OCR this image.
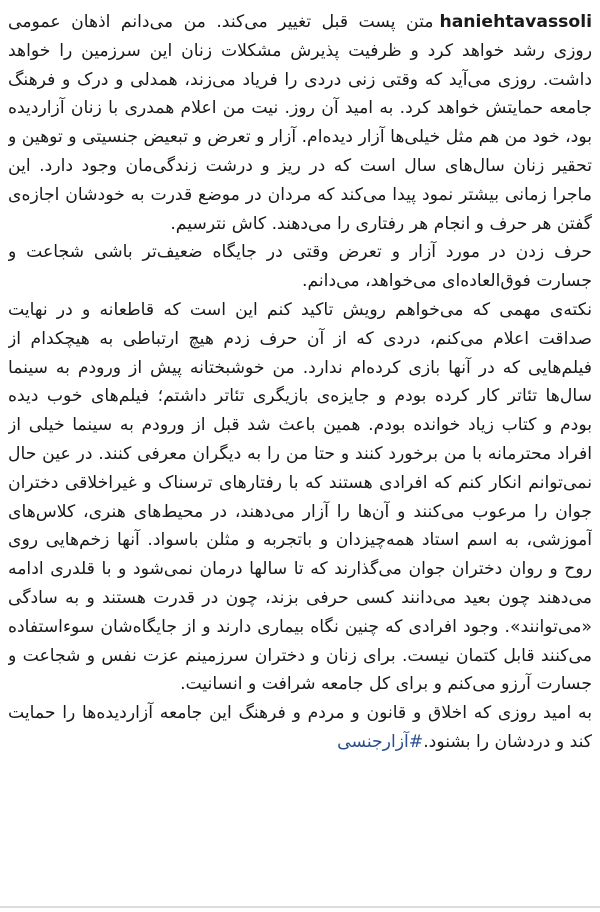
haniehtavassoliمتن پست قبل تغییر می‌کند. من می‌دانم اذهان عمومی روزی رشد خواهد کرد و ظرفیت پذیرش مشکلات زنان این سرزمین را خواهد داشت. روزی می‌آید که وقتی زنی دردی را فریاد می‌زند، همدلی و درک و فرهنگ جامعه حمایتش خواهد کرد. به امید آن روز. نیت من اعلام همدری با زنان آزاردیده بود، خود من هم مثل خیلی‌ها آزار دیده‌ام. آزار و تعرض و تبعیض جنسیتی و توهین و تحقیر زنان سال‌های سال است که در ریز و درشت زندگی‌مان وجود دارد. این ماجرا زمانی بیشتر نمود پیدا می‌کند که مردان در موضع قدرت به خودشان اجازه‌ی گفتن هر حرف و انجام هر رفتاری را می‌دهند. کاش نترسیم.

حرف زدن در مورد آزار و تعرض وقتی در جایگاه ضعیف‌تر باشی شجاعت و جسارت فوق‌العاده‌ای می‌خواهد، می‌دانم.

نکته‌ی مهمی که می‌خواهم رویش تاکید کنم این است که قاطعانه و در نهایت صداقت اعلام می‌کنم، دردی که از آن حرف زدم هیچ ارتباطی به هیچکدام از فیلم‌هایی که در آنها بازی کرده‌ام ندارد. من خوشبختانه پیش از ورودم به سینما سال‌ها تئاتر کار کرده بودم و جایزه‌ی بازیگری تئاتر داشتم؛ فیلم‌های خوب دیده بودم و کتاب زیاد خوانده بودم. همین باعث شد قبل از ورودم به سینما خیلی از افراد محترمانه با من برخورد کنند و حتا من را به دیگران معرفی کنند. در عین حال نمی‌توانم انکار کنم که افرادی هستند که با رفتارهای ترسناک و غیراخلاقی دختران جوان را مرعوب می‌کنند و آن‌ها را آزار می‌دهند، در محیط‌های هنری، کلاس‌های آموزشی، به اسم استاد همه‌چیزدان و باتجربه و مثلن باسواد. آنها زخم‌هایی روی روح و روان دختران جوان می‌گذارند که تا سالها درمان نمی‌شود و با قلدری ادامه می‌دهند چون بعید می‌دانند کسی حرفی بزند، چون در قدرت هستند و به سادگی «می‌توانند». وجود افرادی که چنین نگاه بیماری دارند و از جایگاه‌شان سوءاستفاده می‌کنند قابل کتمان نیست. برای زنان و دختران سرزمینم عزت نفس و شجاعت و جسارت آرزو می‌کنم و برای کل جامعه شرافت و انسانیت.

به امید روزی که اخلاق و قانون و مردم و فرهنگ این جامعه آزاردیده‌ها را حمایت کند و دردشان را بشنود.#آزارجنسی
